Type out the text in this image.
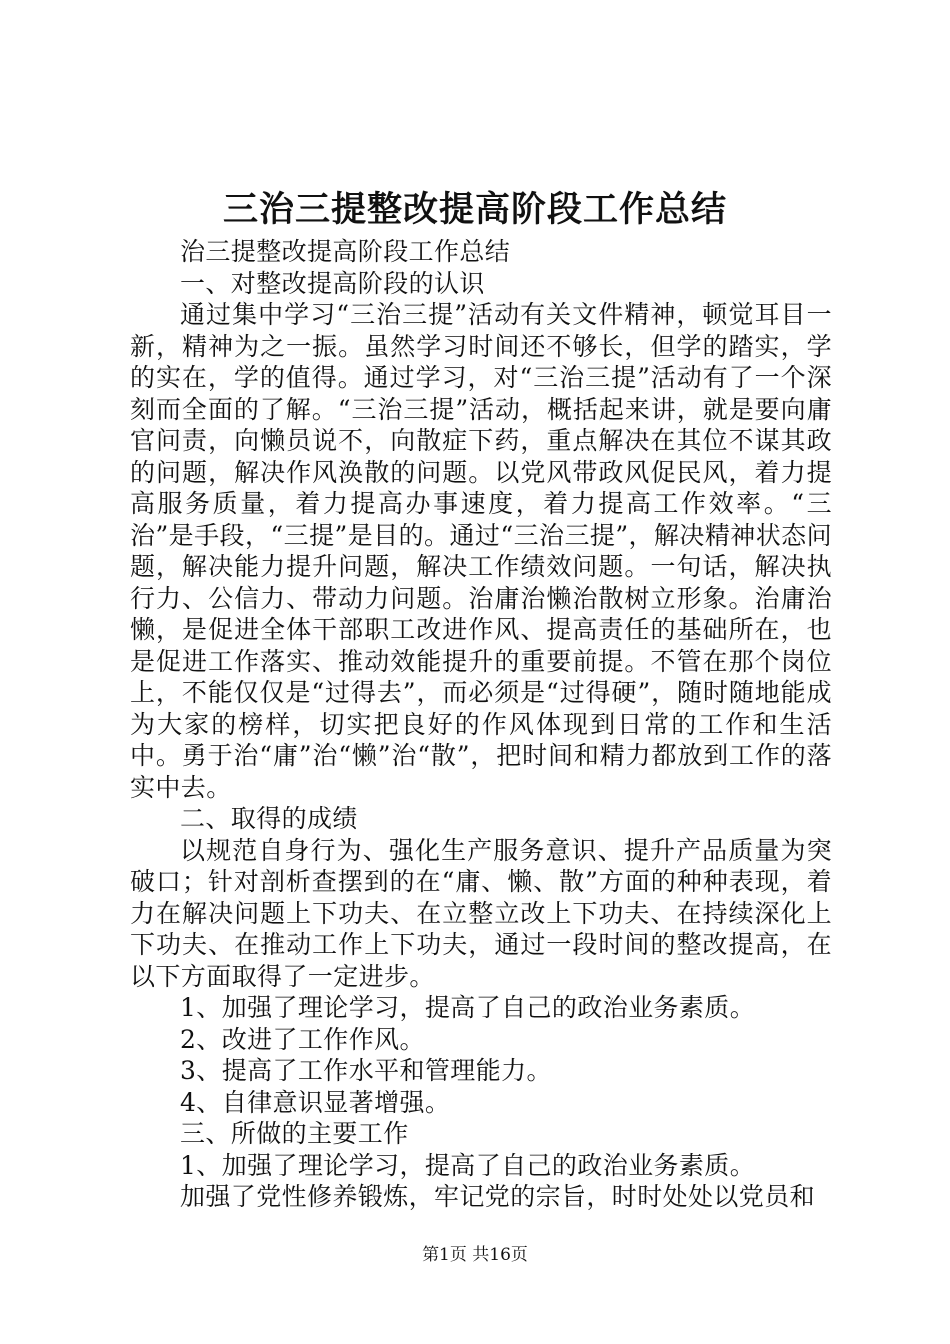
三治三提整改提高阶段工作总结

治三提整改提高阶段工作总结

一、对整改提高阶段的认识

通过集中学习“三治三提”活动有关文件精神，顿觉耳目一新，精神为之一振。虽然学习时间还不够长，但学的踏实，学的实在，学的值得。通过学习，对“三治三提”活动有了一个深刻而全面的了解。“三治三提”活动，概括起来讲，就是要向庸官问责，向懒员说不，向散症下药，重点解决在其位不谋其政的问题，解决作风涣散的问题。以党风带政风促民风，着力提高服务质量，着力提高办事速度，着力提高工作效率。“三治”是手段，“三提”是目的。通过“三治三提”，解决精神状态问题，解决能力提升问题，解决工作绩效问题。一句话，解决执行力、公信力、带动力问题。治庸治懒治散树立形象。治庸治懒，是促进全体干部职工改进作风、提高责任的基础所在，也是促进工作落实、推动效能提升的重要前提。不管在那个岗位上，不能仅仅是“过得去”，而必须是“过得硬”，随时随地能成为大家的榜样，切实把良好的作风体现到日常的工作和生活中。勇于治“庸”治“懒”治“散”，把时间和精力都放到工作的落实中去。

二、取得的成绩

以规范自身行为、强化生产服务意识、提升产品质量为突破口；针对剖析查摆到的在“庸、懒、散”方面的种种表现，着力在解决问题上下功夫、在立整立改上下功夫、在持续深化上下功夫、在推动工作上下功夫，通过一段时间的整改提高，在以下方面取得了一定进步。

1、加强了理论学习，提高了自己的政治业务素质。

2、改进了工作作风。

3、提高了工作水平和管理能力。

4、自律意识显著增强。

三、所做的主要工作

1、加强了理论学习，提高了自己的政治业务素质。

加强了党性修养锻炼，牢记党的宗旨，时时处处以党员和

第1页 共16页
